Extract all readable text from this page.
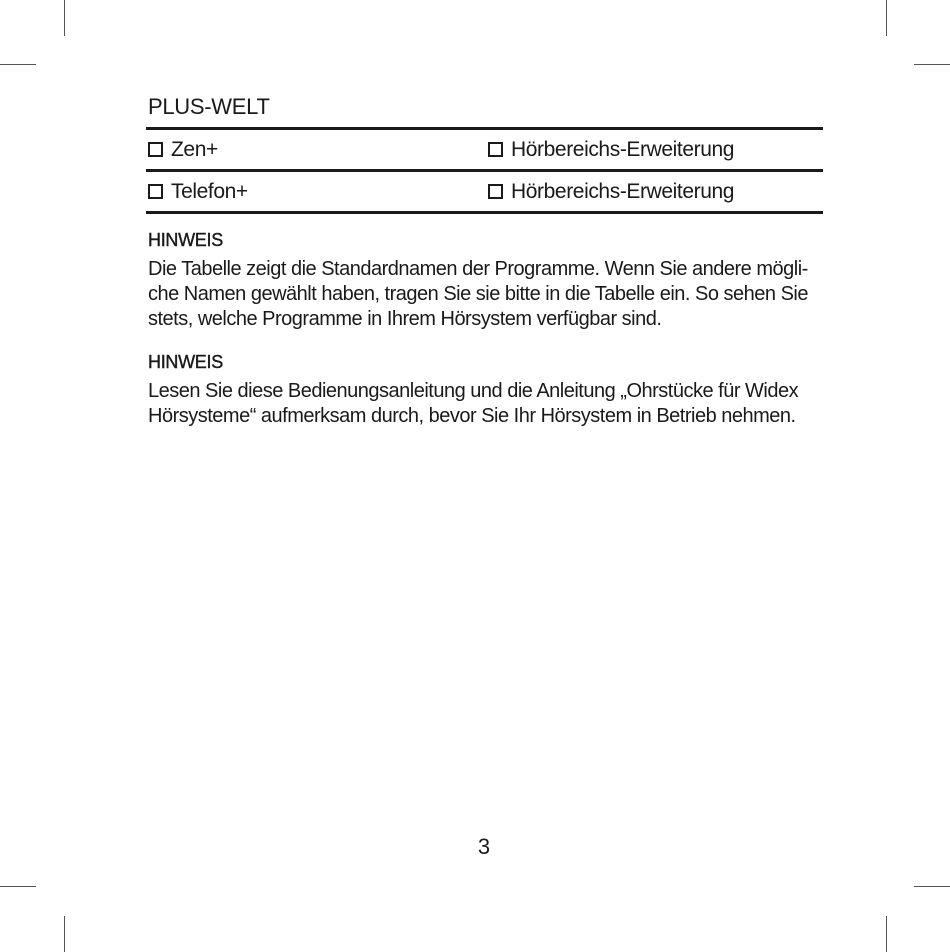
PLUS-WELT
Zen+	Hörbereichs-Erweiterung
Telefon+	Hörbereichs-Erweiterung
HINWEIS
Die Tabelle zeigt die Standardnamen der Programme. Wenn Sie andere mögli-
che Namen gewählt haben, tragen Sie sie bitte in die Tabelle ein. So sehen Sie
stets, welche Programme in Ihrem Hörsystem verfügbar sind.
HINWEIS
Lesen Sie diese Bedienungsanleitung und die Anleitung „Ohrstücke für Widex
Hörsysteme“ aufmerksam durch, bevor Sie Ihr Hörsystem in Betrieb nehmen.
3
